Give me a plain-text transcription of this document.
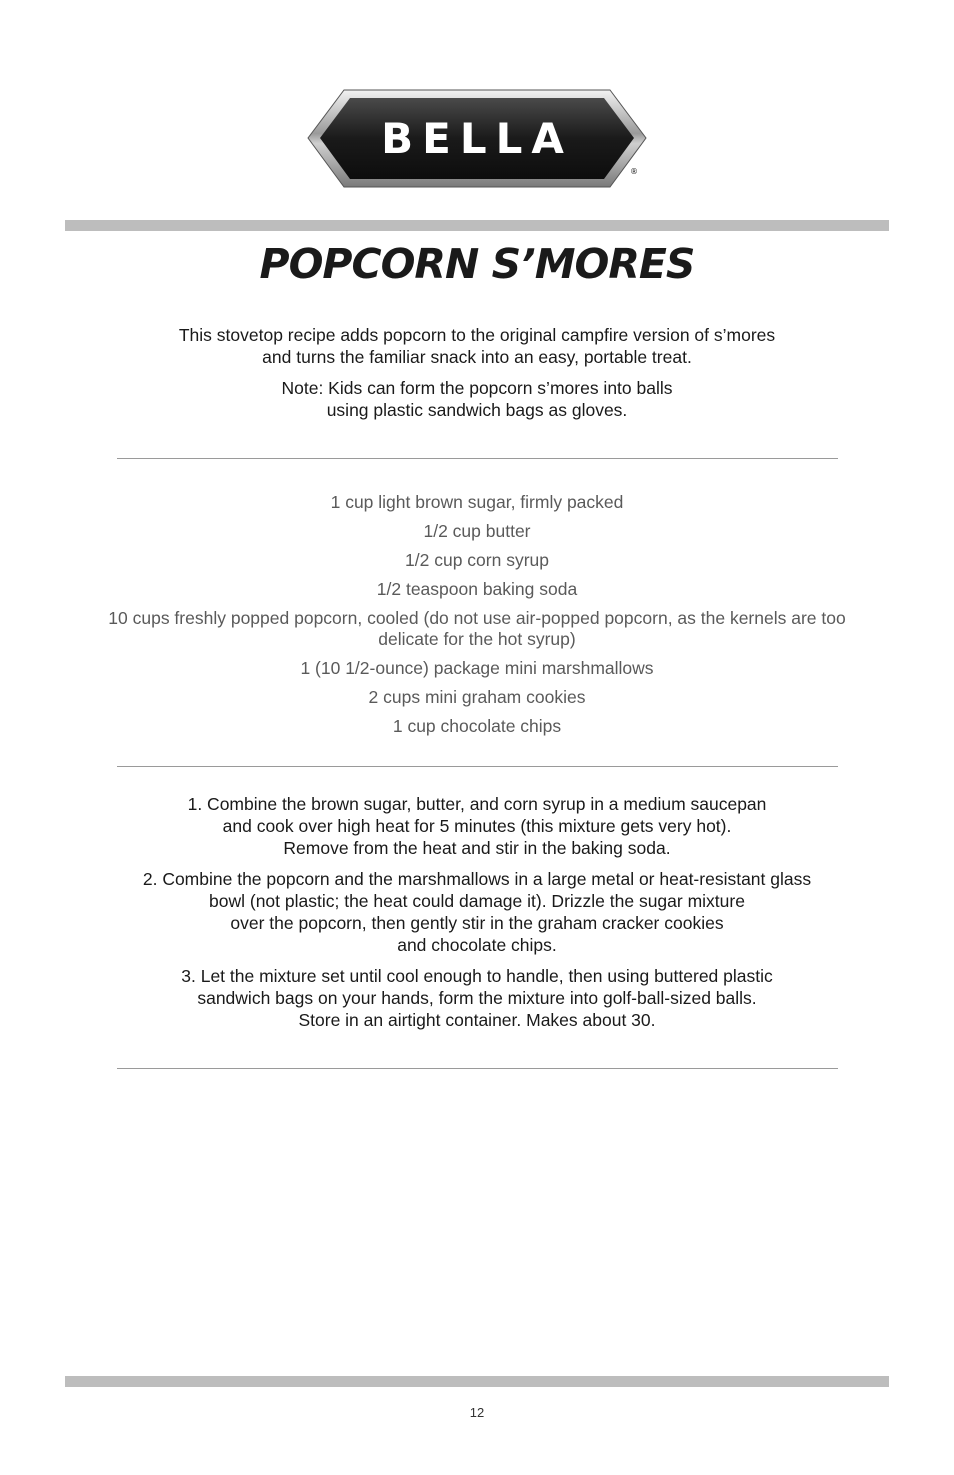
BELLA
®
POPCORN S’MORES

This stovetop recipe adds popcorn to the original campfire version of s’mores
and turns the familiar snack into an easy, portable treat.

Note: Kids can form the popcorn s’mores into balls
using plastic sandwich bags as gloves.

1 cup light brown sugar, firmly packed
1/2 cup butter
1/2 cup corn syrup
1/2 teaspoon baking soda
10 cups freshly popped popcorn, cooled (do not use air-popped popcorn, as the kernels are too delicate for the hot syrup)
1 (10 1/2-ounce) package mini marshmallows
2 cups mini graham cookies
1 cup chocolate chips
1. Combine the brown sugar, butter, and corn syrup in a medium saucepan
and cook over high heat for 5 minutes (this mixture gets very hot).
Remove from the heat and stir in the baking soda.
2. Combine the popcorn and the marshmallows in a large metal or heat-resistant glass
bowl (not plastic; the heat could damage it). Drizzle the sugar mixture
over the popcorn, then gently stir in the graham cracker cookies
and chocolate chips.
3. Let the mixture set until cool enough to handle, then using buttered plastic
sandwich bags on your hands, form the mixture into golf-ball-sized balls.
Store in an airtight container. Makes about 30.
12
